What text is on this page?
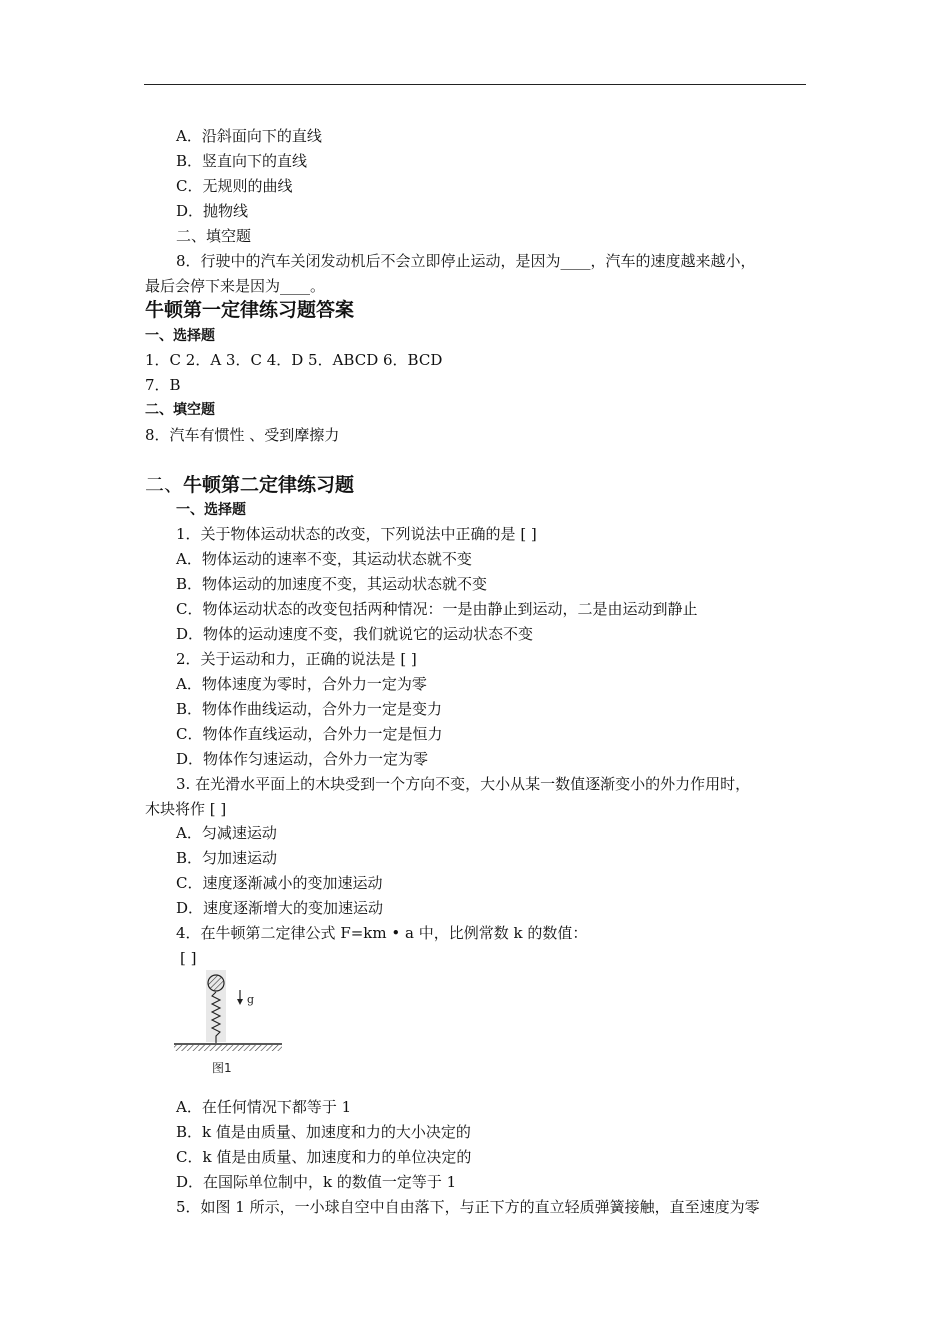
A．沿斜面向下的直线
B．竖直向下的直线
C．无规则的曲线
D．抛物线
二、填空题
8．行驶中的汽车关闭发动机后不会立即停止运动，是因为____，汽车的速度越来越小，
最后会停下来是因为____。
牛顿第一定律练习题答案
一、选择题
1．C 2．A 3．C 4．D 5．ABCD 6．BCD
7．B
二、填空题
8．汽车有惯性 、受到摩擦力
二、牛顿第二定律练习题
一、选择题
1．关于物体运动状态的改变，下列说法中正确的是 [ ]
A．物体运动的速率不变，其运动状态就不变
B．物体运动的加速度不变，其运动状态就不变
C．物体运动状态的改变包括两种情况：一是由静止到运动，二是由运动到静止
D．物体的运动速度不变，我们就说它的运动状态不变
2．关于运动和力，正确的说法是 [ ]
A．物体速度为零时，合外力一定为零
B．物体作曲线运动，合外力一定是变力
C．物体作直线运动，合外力一定是恒力
D．物体作匀速运动，合外力一定为零
3. 在光滑水平面上的木块受到一个方向不变，大小从某一数值逐渐变小的外力作用时，
木块将作 [ ]
A．匀减速运动
B．匀加速运动
C．速度逐渐减小的变加速运动
D．速度逐渐增大的变加速运动
4．在牛顿第二定律公式 F=km • a 中，比例常数 k 的数值：
[ ]
g
图1
A．在任何情况下都等于 1
B．k 值是由质量、加速度和力的大小决定的
C．k 值是由质量、加速度和力的单位决定的
D．在国际单位制中，k 的数值一定等于 1
5．如图 1 所示，一小球自空中自由落下，与正下方的直立轻质弹簧接触，直至速度为零
